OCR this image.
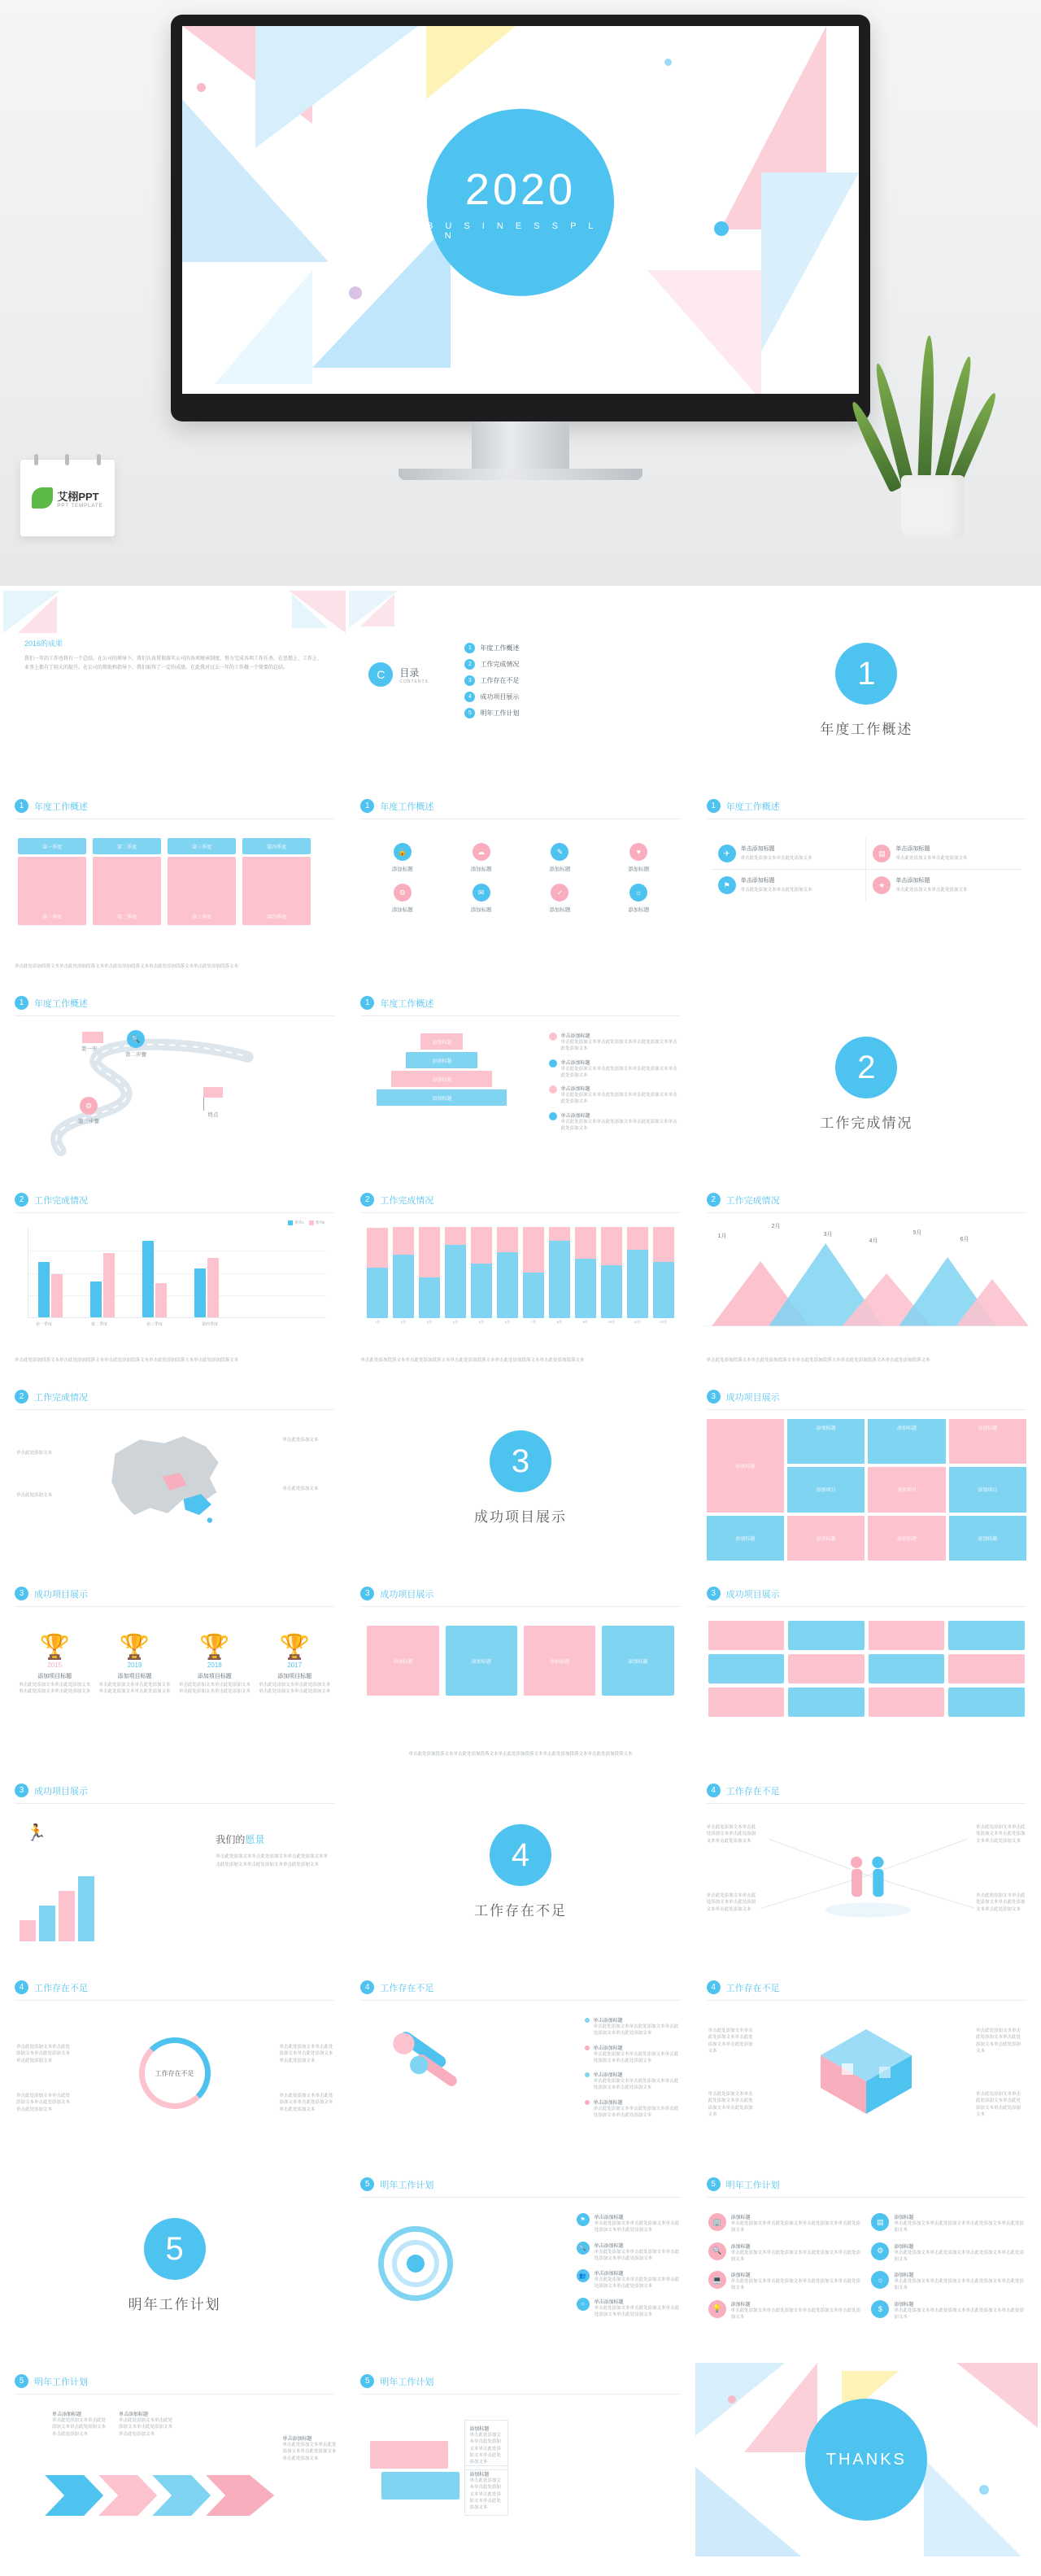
2020
B U S I N E S S P L A N
艾栩PPT
PPT TEMPLATE
2016的成果
我们一年的工作也将有一个总结。在公司的领导下，我们认真贯彻落实公司的各项规章制度，努力完成各项工作任务，在思想上、工作上、业务上都有了较大的提升。在公司的帮助和指导下，我们取得了一定的成绩。在此我对过去一年的工作做一个简要的总结。	C	目录
CONTENTS
1	年度工作概述
2	工作完成情况
3	工作存在不足
4	成功项目展示
5	明年工作计划
1
年度工作概述
1	年度工作概述
第一季度
第一季度
第二季度
第二季度
第三季度
第三季度
第四季度
第四季度
单击此处添加段落文本单击此处添加段落文本单击此处添加段落文本单击此处添加段落文本单击此处添加段落文本
1	年度工作概述
🔒
添加标题
☁
添加标题
✎
添加标题
♥
添加标题
⚙
添加标题
✉
添加标题
✓
添加标题
☼
添加标题
1	年度工作概述
✈	单击添加标题
单击此处添加文本单击此处添加文本
▤	单击添加标题
单击此处添加文本单击此处添加文本
⚑	单击添加标题
单击此处添加文本单击此处添加文本
★	单击添加标题
单击此处添加文本单击此处添加文本
1	年度工作概述
第一步
🔍
第二步骤
⚙
第三步骤
终点
1	年度工作概述
添加标题
添加标题
添加标题
添加标题
单击添加标题
单击此处添加文本单击此处添加文本单击此处添加文本单击此处添加文本
单击添加标题
单击此处添加文本单击此处添加文本单击此处添加文本单击此处添加文本
单击添加标题
单击此处添加文本单击此处添加文本单击此处添加文本单击此处添加文本
单击添加标题
单击此处添加文本单击此处添加文本单击此处添加文本单击此处添加文本
2
工作完成情况
2	工作完成情况
系列1	系列2
第一季度	第二季度	第三季度	第四季度
单击此处添加段落文本单击此处添加段落文本单击此处添加段落文本单击此处添加段落文本单击此处添加段落文本
2	工作完成情况
1月	2月	3月	4月	5月	6月	7月	8月	9月	10月	11月	12月
单击此处添加段落文本单击此处添加段落文本单击此处添加段落文本单击此处添加段落文本单击此处添加段落文本
2	工作完成情况
1月
2月
3月
4月
5月
6月
单击此处添加段落文本单击此处添加段落文本单击此处添加段落文本单击此处添加段落文本单击此处添加段落文本
2	工作完成情况
单击此处添加文本
单击此处添加文本
单击此处添加文本
单击此处添加文本
3
成功项目展示
3	成功项目展示
添加标题
添加标题	添加标题	添加标题
添加项目	添加项目	添加项目
添加标题	添加标题	添加标题	添加标题
3	成功项目展示
🏆
2015
添加项目标题
单击此处添加文本单击此处添加文本单击此处添加文本单击此处添加文本
🏆
2019
添加项目标题
单击此处添加文本单击此处添加文本单击此处添加文本单击此处添加文本
🏆
2018
添加项目标题
单击此处添加文本单击此处添加文本单击此处添加文本单击此处添加文本
🏆
2017
添加项目标题
单击此处添加文本单击此处添加文本单击此处添加文本单击此处添加文本
3	成功项目展示
添加标题	添加标题	添加标题	添加标题
单击此处添加段落文本单击此处添加段落文本单击此处添加段落文本单击此处添加段落文本单击此处添加段落文本
3	成功项目展示
3	成功项目展示
🏃	我们的愿景
单击此处添加文本单击此处添加文本单击此处添加文本单击此处添加文本单击此处添加文本单击此处添加文本	4
工作存在不足
4	工作存在不足
单击此处添加文本单击此处添加文本单击此处添加文本单击此处添加文本
单击此处添加文本单击此处添加文本单击此处添加文本单击此处添加文本
单击此处添加文本单击此处添加文本单击此处添加文本单击此处添加文本
单击此处添加文本单击此处添加文本单击此处添加文本单击此处添加文本
4	工作存在不足
工作存在不足
单击此处添加文本单击此处添加文本单击此处添加文本单击此处添加文本
单击此处添加文本单击此处添加文本单击此处添加文本单击此处添加文本
单击此处添加文本单击此处添加文本单击此处添加文本单击此处添加文本
单击此处添加文本单击此处添加文本单击此处添加文本单击此处添加文本
4	工作存在不足
单击添加标题
单击此处添加文本单击此处添加文本单击此处添加文本单击此处添加文本
单击添加标题
单击此处添加文本单击此处添加文本单击此处添加文本单击此处添加文本
单击添加标题
单击此处添加文本单击此处添加文本单击此处添加文本单击此处添加文本
单击添加标题
单击此处添加文本单击此处添加文本单击此处添加文本单击此处添加文本
4	工作存在不足
单击此处添加文本单击此处添加文本单击此处添加文本单击此处添加文本
单击此处添加文本单击此处添加文本单击此处添加文本单击此处添加文本
单击此处添加文本单击此处添加文本单击此处添加文本单击此处添加文本
单击此处添加文本单击此处添加文本单击此处添加文本单击此处添加文本
5
明年工作计划
5	明年工作计划
⚑	单击添加标题
单击此处添加文本单击此处添加文本单击此处添加文本单击此处添加文本
🔍	单击添加标题
单击此处添加文本单击此处添加文本单击此处添加文本单击此处添加文本
👥	单击添加标题
单击此处添加文本单击此处添加文本单击此处添加文本单击此处添加文本
☼	单击添加标题
单击此处添加文本单击此处添加文本单击此处添加文本单击此处添加文本
5	明年工作计划
🏢	添加标题
单击此处添加文本单击此处添加文本单击此处添加文本单击此处添加文本
▤	添加标题
单击此处添加文本单击此处添加文本单击此处添加文本单击此处添加文本
🔍	添加标题
单击此处添加文本单击此处添加文本单击此处添加文本单击此处添加文本
⚙	添加标题
单击此处添加文本单击此处添加文本单击此处添加文本单击此处添加文本
💻	添加标题
单击此处添加文本单击此处添加文本单击此处添加文本单击此处添加文本
☼	添加标题
单击此处添加文本单击此处添加文本单击此处添加文本单击此处添加文本
💡	添加标题
单击此处添加文本单击此处添加文本单击此处添加文本单击此处添加文本
$	添加标题
单击此处添加文本单击此处添加文本单击此处添加文本单击此处添加文本
5	明年工作计划
单击添加标题
单击此处添加文本单击此处添加文本单击此处添加文本单击此处添加文本
单击添加标题
单击此处添加文本单击此处添加文本单击此处添加文本单击此处添加文本
单击添加标题
单击此处添加文本单击此处添加文本单击此处添加文本单击此处添加文本
5	明年工作计划
添加标题
单击此处添加文本单击此处添加文本单击此处添加文本单击此处添加文本
添加标题
单击此处添加文本单击此处添加文本单击此处添加文本单击此处添加文本
THANKS
